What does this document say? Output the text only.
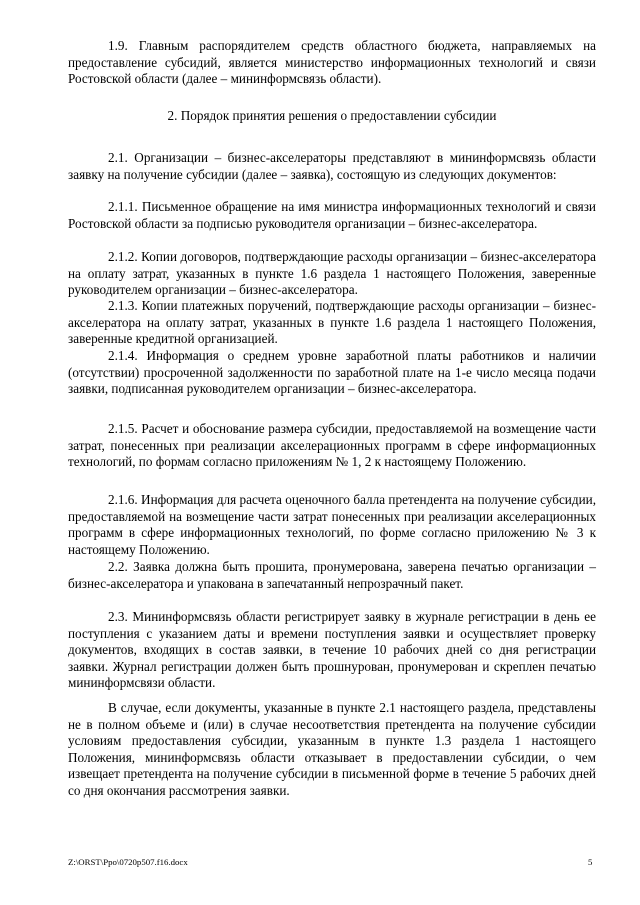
1.9. Главным распорядителем средств областного бюджета, направляемых на предоставление субсидий, является министерство информационных технологий и связи Ростовской области (далее – мининформсвязь области).

2. Порядок принятия решения о предоставлении субсидии

2.1. Организации – бизнес-акселераторы представляют в мининформсвязь области заявку на получение субсидии (далее – заявка), состоящую из следующих документов:

2.1.1. Письменное обращение на имя министра информационных технологий и связи Ростовской области за подписью руководителя организации – бизнес-акселератора.

2.1.2. Копии договоров, подтверждающие расходы организации – бизнес-акселератора на оплату затрат, указанных в пункте 1.6 раздела 1 настоящего Положения, заверенные руководителем организации – бизнес-акселератора.

2.1.3. Копии платежных поручений, подтверждающие расходы организации – бизнес-акселератора на оплату затрат, указанных в пункте 1.6 раздела 1 настоящего Положения, заверенные кредитной организацией.

2.1.4. Информация о среднем уровне заработной платы работников и наличии (отсутствии) просроченной задолженности по заработной плате на 1-е число месяца подачи заявки, подписанная руководителем организации – бизнес-акселератора.

2.1.5. Расчет и обоснование размера субсидии, предоставляемой на возмещение части затрат, понесенных при реализации акселерационных программ в сфере информационных технологий, по формам согласно приложениям № 1, 2 к настоящему Положению.

2.1.6. Информация для расчета оценочного балла претендента на получение субсидии, предоставляемой на возмещение части затрат понесенных при реализации акселерационных программ в сфере информационных технологий, по форме согласно приложению № 3 к настоящему Положению.

2.2. Заявка должна быть прошита, пронумерована, заверена печатью организации – бизнес-акселератора и упакована в запечатанный непрозрачный пакет.

2.3. Мининформсвязь области регистрирует заявку в журнале регистрации в день ее поступления с указанием даты и времени поступления заявки и осуществляет проверку документов, входящих в состав заявки, в течение 10 рабочих дней со дня регистрации заявки. Журнал регистрации должен быть прошнурован, пронумерован и скреплен печатью мининформсвязи области.

В случае, если документы, указанные в пункте 2.1 настоящего раздела, представлены не в полном объеме и (или) в случае несоответствия претендента на получение субсидии условиям предоставления субсидии, указанным в пункте 1.3 раздела 1 настоящего Положения, мининформсвязь области отказывает в предоставлении субсидии, о чем извещает претендента на получение субсидии в письменной форме в течение 5 рабочих дней со дня окончания рассмотрения заявки.

Z:\ORST\Ppo\0720p507.f16.docx	5
